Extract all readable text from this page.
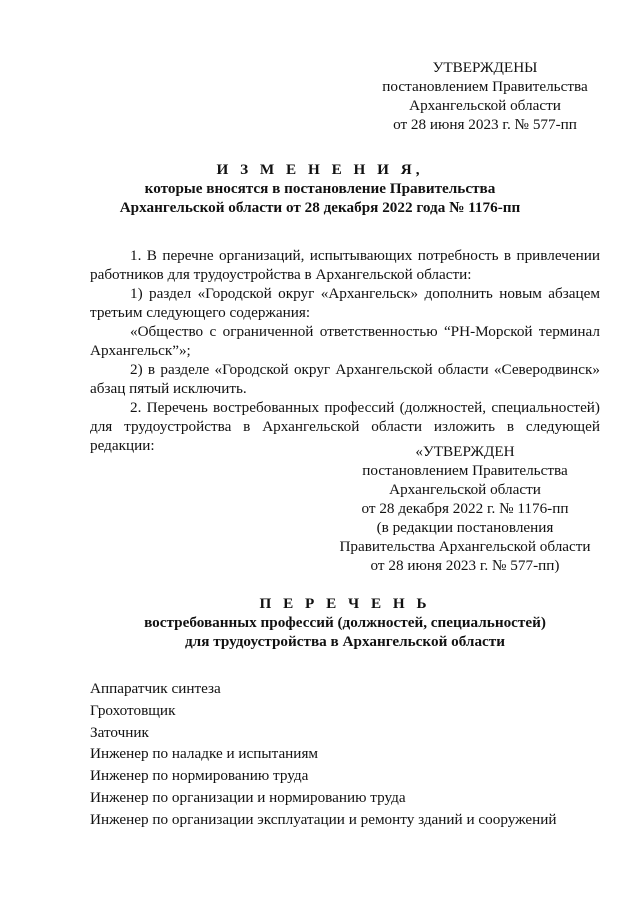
УТВЕРЖДЕНЫ
постановлением Правительства
Архангельской области
от 28 июня 2023 г. № 577-пп
И З М Е Н Е Н И Я,
которые вносятся в постановление Правительства
Архангельской области от 28 декабря 2022 года № 1176-пп

1. В перечне организаций, испытывающих потребность в привлечении работников для трудоустройства в Архангельской области:

1) раздел «Городской округ «Архангельск» дополнить новым абзацем третьим следующего содержания:

«Общество с ограниченной ответственностью “РН-Морской терминал Архангельск”»;

2) в разделе «Городской округ Архангельской области «Северодвинск» абзац пятый исключить.

2. Перечень востребованных профессий (должностей, специальностей) для трудоустройства в Архангельской области изложить в следующей редакции:	«УТВЕРЖДЕН
постановлением Правительства
Архангельской области
от 28 декабря 2022 г. № 1176-пп
(в редакции постановления
Правительства Архангельской области
от 28 июня 2023 г. № 577-пп)
П Е Р Е Ч Е Н Ь
востребованных профессий (должностей, специальностей)
для трудоустройства в Архангельской области
Аппаратчик синтеза
Грохотовщик
Заточник
Инженер по наладке и испытаниям
Инженер по нормированию труда
Инженер по организации и нормированию труда
Инженер по организации эксплуатации и ремонту зданий и сооружений
